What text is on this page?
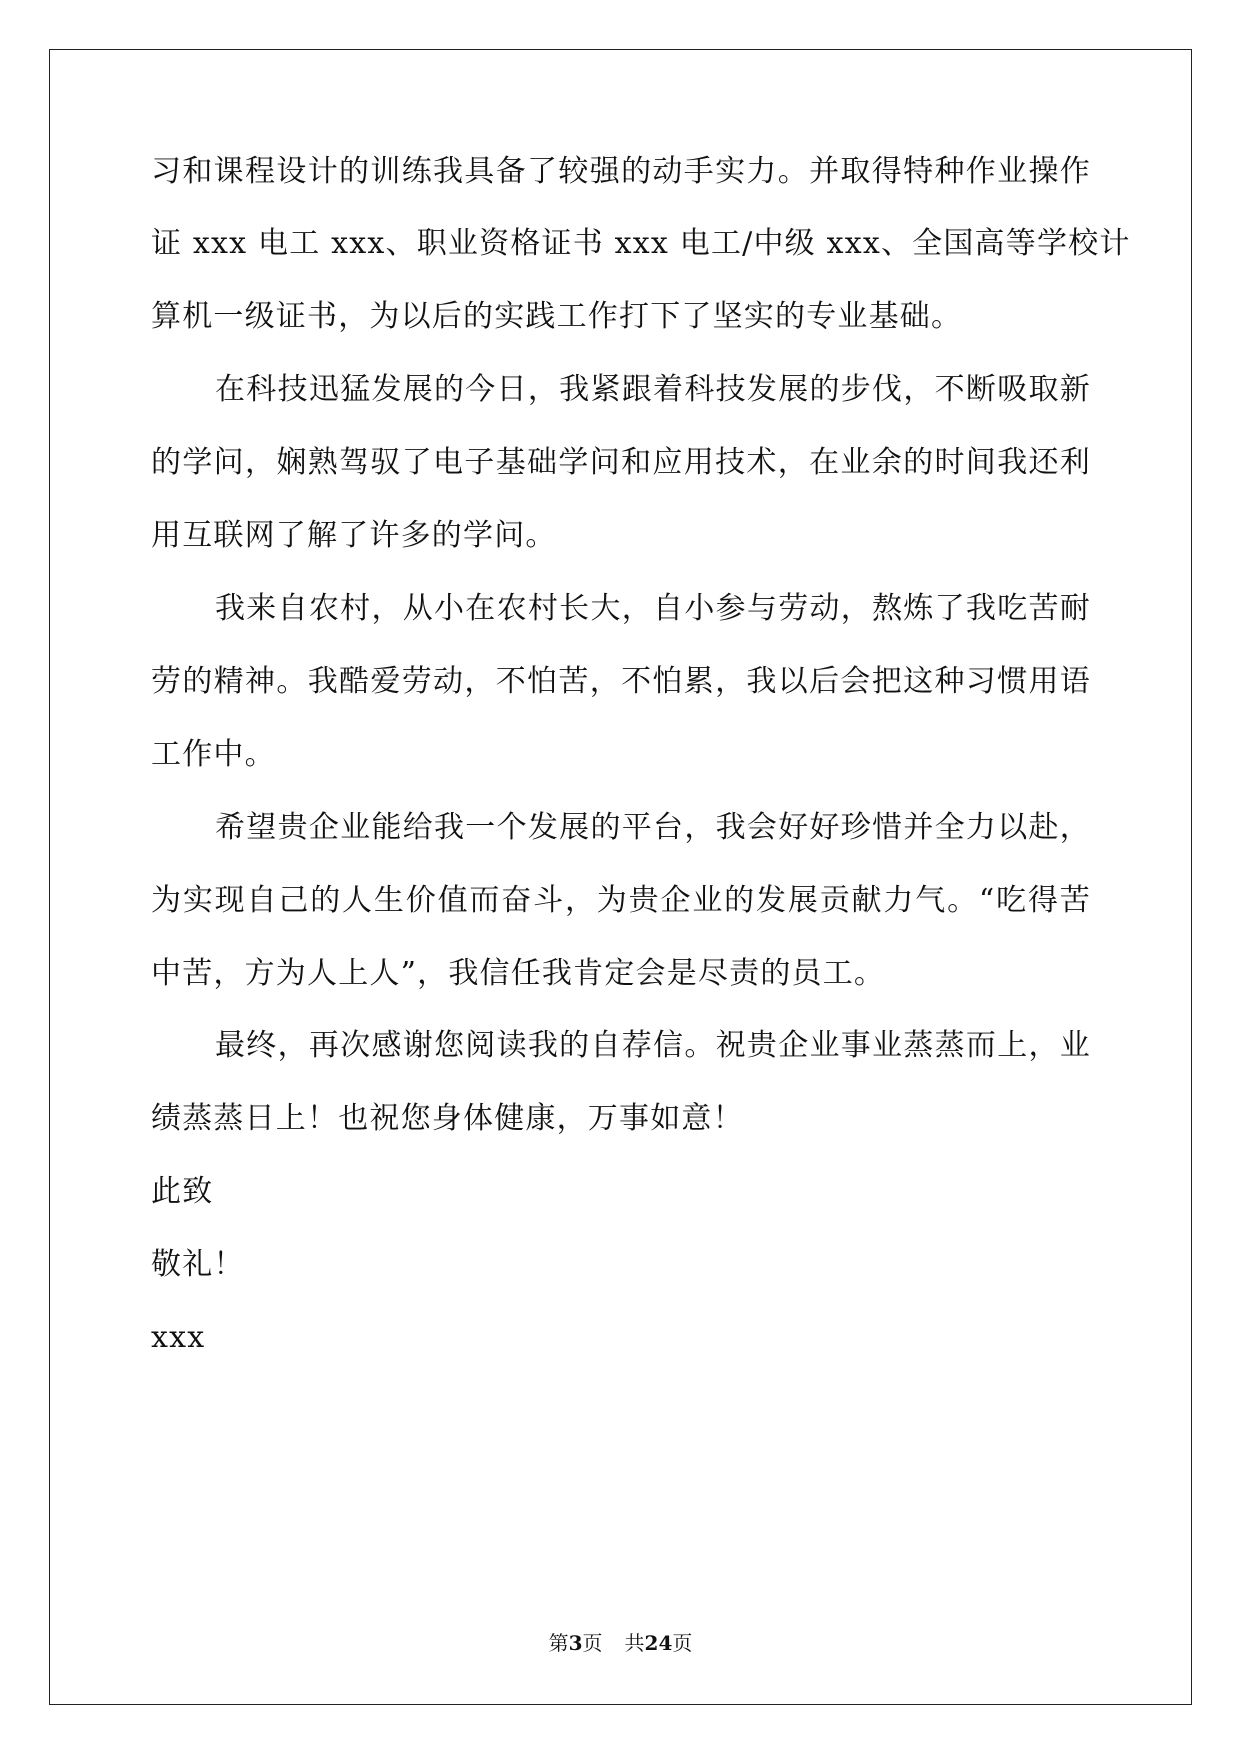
习和课程设计的训练我具备了较强的动手实力。并取得特种作业操作
证 xxx 电工 xxx、职业资格证书 xxx 电工/中级 xxx、全国高等学校计
算机一级证书，为以后的实践工作打下了坚实的专业基础。
在科技迅猛发展的今日，我紧跟着科技发展的步伐，不断吸取新
的学问，娴熟驾驭了电子基础学问和应用技术，在业余的时间我还利
用互联网了解了许多的学问。
我来自农村，从小在农村长大，自小参与劳动，熬炼了我吃苦耐
劳的精神。我酷爱劳动，不怕苦，不怕累，我以后会把这种习惯用语
工作中。
希望贵企业能给我一个发展的平台，我会好好珍惜并全力以赴，
为实现自己的人生价值而奋斗，为贵企业的发展贡献力气。“吃得苦
中苦，方为人上人”，我信任我肯定会是尽责的员工。
最终，再次感谢您阅读我的自荐信。祝贵企业事业蒸蒸而上，业
绩蒸蒸日上！也祝您身体健康，万事如意！
此致
敬礼！
xxx
第3页 共24页
